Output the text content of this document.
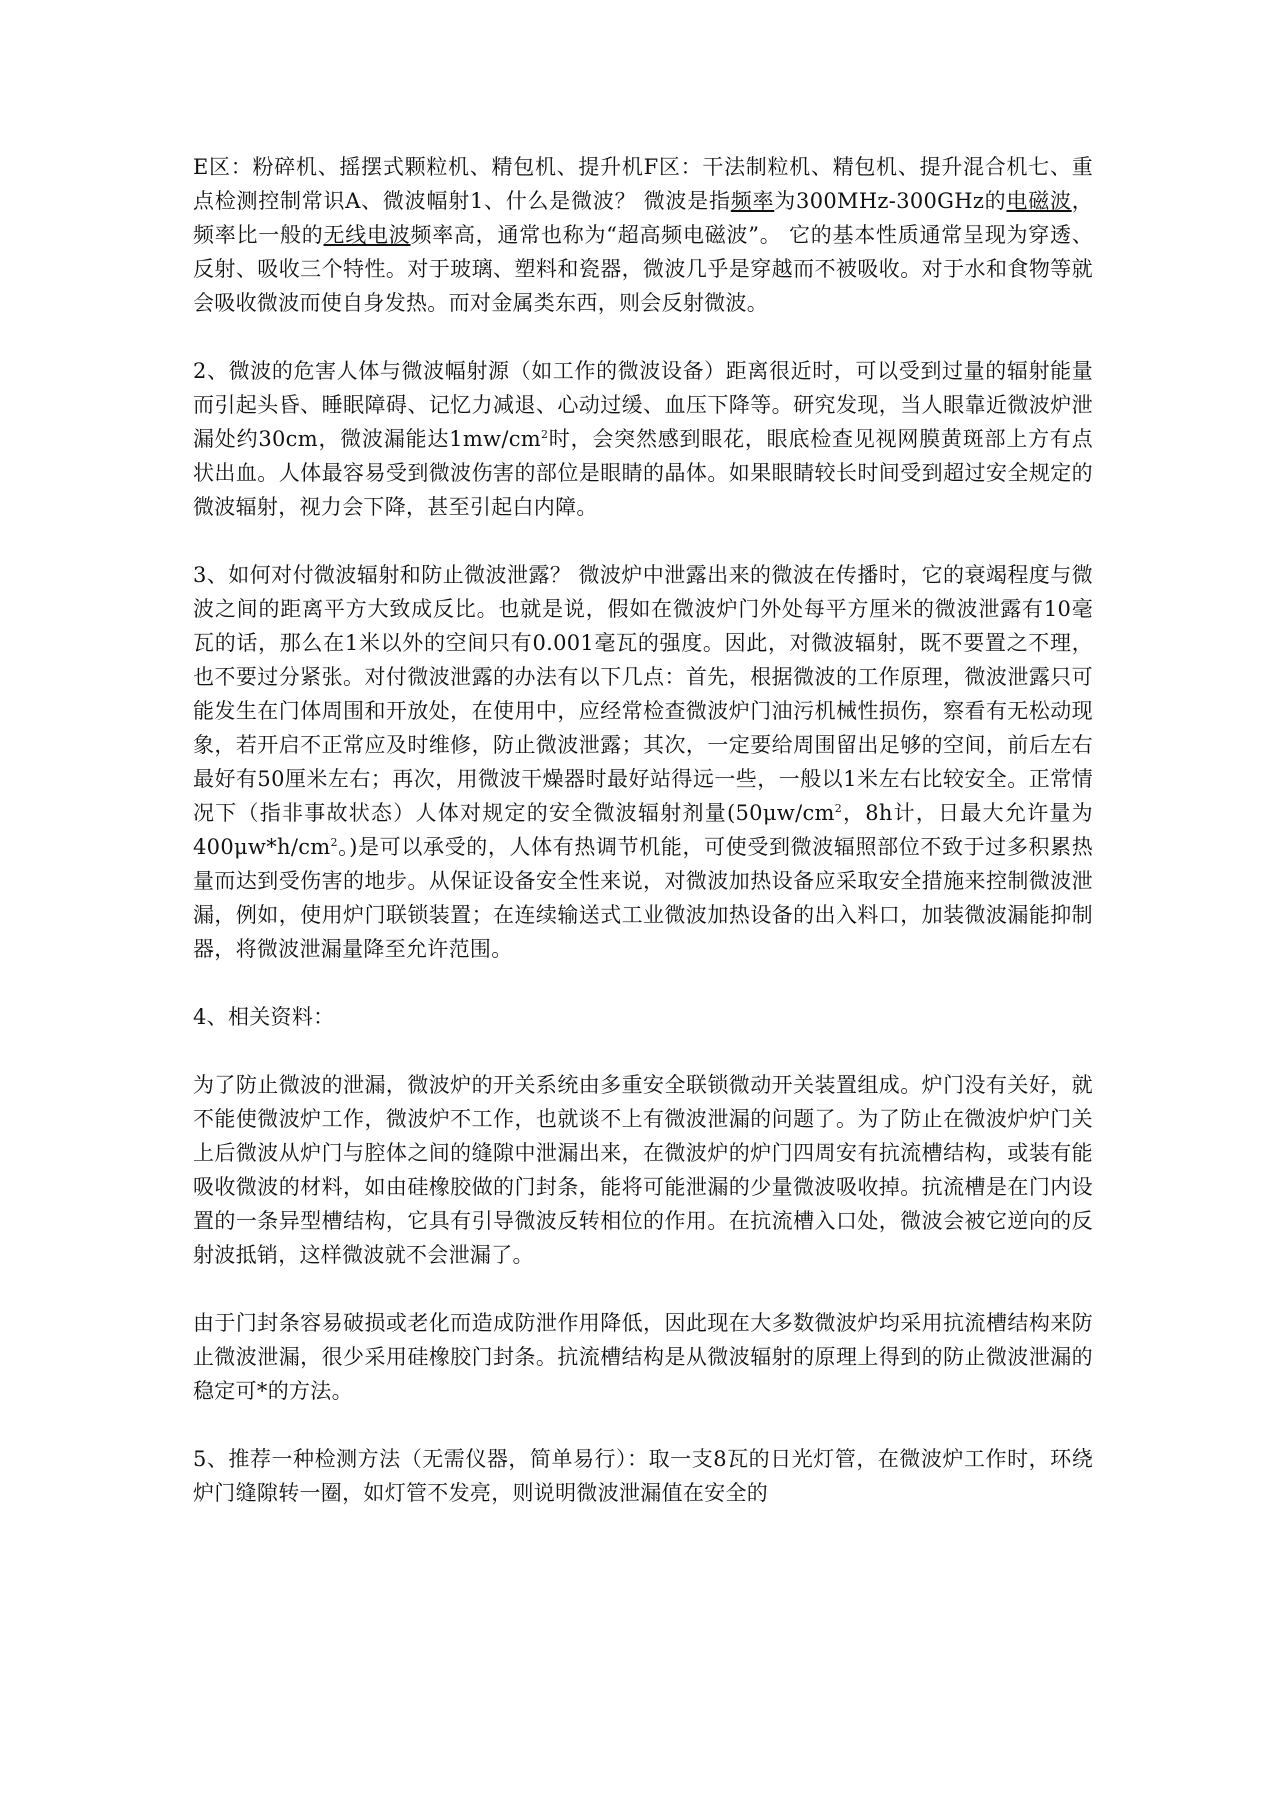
E区：粉碎机、摇摆式颗粒机、精包机、提升机F区：干法制粒机、精包机、提升混合机七、重点检测控制常识A、微波幅射1、什么是微波？ 微波是指频率为300MHz-300GHz的电磁波，频率比一般的无线电波频率高，通常也称为“超高频电磁波”。 它的基本性质通常呈现为穿透、反射、吸收三个特性。对于玻璃、塑料和瓷器，微波几乎是穿越而不被吸收。对于水和食物等就会吸收微波而使自身发热。而对金属类东西，则会反射微波。

2、微波的危害人体与微波幅射源（如工作的微波设备）距离很近时，可以受到过量的辐射能量而引起头昏、睡眠障碍、记忆力减退、心动过缓、血压下降等。研究发现，当人眼靠近微波炉泄漏处约30cm，微波漏能达$1mw/cm^2$时，会突然感到眼花，眼底检查见视网膜黄斑部上方有点状出血。人体最容易受到微波伤害的部位是眼睛的晶体。如果眼睛较长时间受到超过安全规定的微波辐射，视力会下降，甚至引起白内障。

3、如何对付微波辐射和防止微波泄露？ 微波炉中泄露出来的微波在传播时，它的衰竭程度与微波之间的距离平方大致成反比。也就是说，假如在微波炉门外处每平方厘米的微波泄露有10毫瓦的话，那么在1米以外的空间只有0.001毫瓦的强度。因此，对微波辐射，既不要置之不理，也不要过分紧张。对付微波泄露的办法有以下几点：首先，根据微波的工作原理，微波泄露只可能发生在门体周围和开放处，在使用中，应经常检查微波炉门油污机械性损伤，察看有无松动现象，若开启不正常应及时维修，防止微波泄露；其次，一定要给周围留出足够的空间，前后左右最好有50厘米左右；再次，用微波干燥器时最好站得远一些，一般以1米左右比较安全。正常情况下（指非事故状态）人体对规定的安全微波辐射剂量($50\mu w/cm^2$，8h计，日最大允许量为$400\mu w*h/cm^2$。)是可以承受的，人体有热调节机能，可使受到微波辐照部位不致于过多积累热量而达到受伤害的地步。从保证设备安全性来说，对微波加热设备应采取安全措施来控制微波泄漏，例如，使用炉门联锁装置；在连续输送式工业微波加热设备的出入料口，加装微波漏能抑制器，将微波泄漏量降至允许范围。

4、相关资料：

为了防止微波的泄漏，微波炉的开关系统由多重安全联锁微动开关装置组成。炉门没有关好，就不能使微波炉工作，微波炉不工作，也就谈不上有微波泄漏的问题了。为了防止在微波炉炉门关上后微波从炉门与腔体之间的缝隙中泄漏出来，在微波炉的炉门四周安有抗流槽结构，或装有能吸收微波的材料，如由硅橡胶做的门封条，能将可能泄漏的少量微波吸收掉。抗流槽是在门内设置的一条异型槽结构，它具有引导微波反转相位的作用。在抗流槽入口处，微波会被它逆向的反射波抵销，这样微波就不会泄漏了。

由于门封条容易破损或老化而造成防泄作用降低，因此现在大多数微波炉均采用抗流槽结构来防止微波泄漏，很少采用硅橡胶门封条。抗流槽结构是从微波辐射的原理上得到的防止微波泄漏的稳定可*的方法。

5、推荐一种检测方法（无需仪器，简单易行）：取一支8瓦的日光灯管，在微波炉工作时，环绕炉门缝隙转一圈，如灯管不发亮，则说明微波泄漏值在安全的
